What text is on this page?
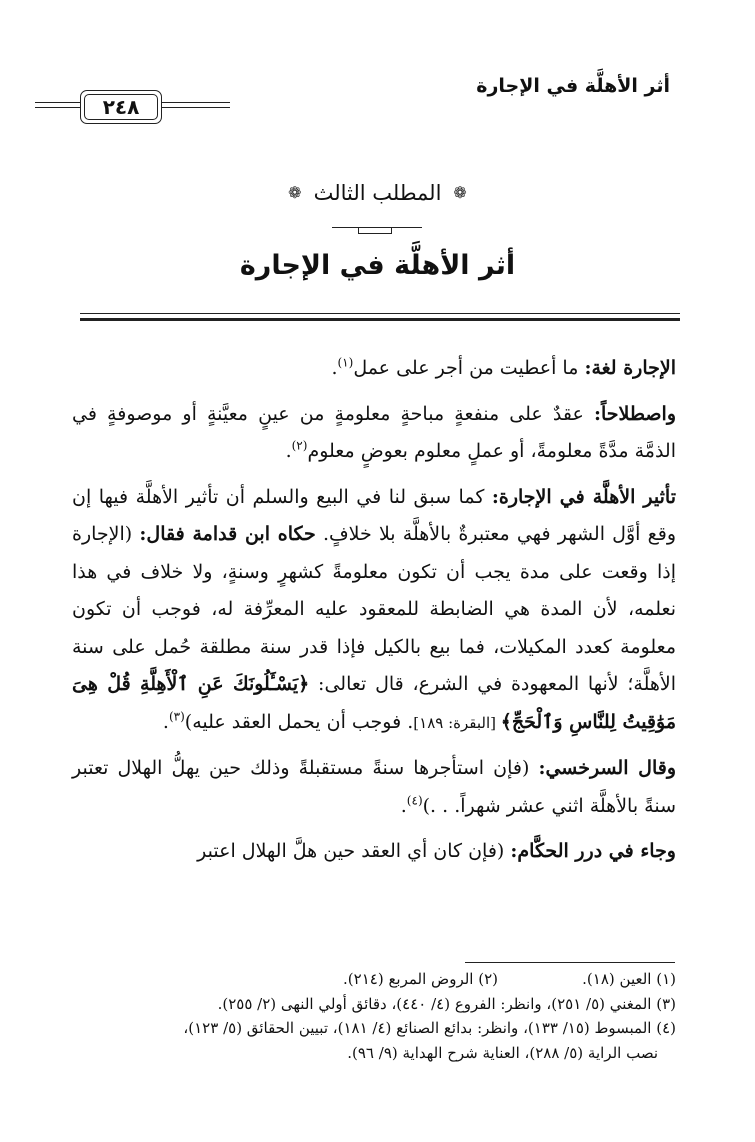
أثر الأهلَّة في الإجارة
٢٤٨
❁المطلب الثالث❁
أثر الأهلَّة في الإجارة

الإجارة لغة: ما أعطيت من أجر على عمل$^{(١)}$.

واصطلاحاً: عقدٌ على منفعةٍ مباحةٍ معلومةٍ من عينٍ معيَّنةٍ أو موصوفةٍ في الذمَّة مدَّةً معلومةً، أو عملٍ معلوم بعوضٍ معلوم$^{(٢)}$.

تأثير الأهلَّة في الإجارة: كما سبق لنا في البيع والسلم أن تأثير الأهلَّة فيها إن وقع أوَّل الشهر فهي معتبرةٌ بالأهلَّة بلا خلافٍ. حكاه ابن قدامة فقال: (الإجارة إذا وقعت على مدة يجب أن تكون معلومةً كشهرٍ وسنةٍ، ولا خلاف في هذا نعلمه، لأن المدة هي الضابطة للمعقود عليه المعرِّفة له، فوجب أن تكون معلومة كعدد المكيلات، فما بيع بالكيل فإذا قدر سنة مطلقة حُمل على سنة الأهلَّة؛ لأنها المعهودة في الشرع، قال تعالى: ﴿يَسْـَٔلُونَكَ عَنِ ٱلْأَهِلَّةِ قُلْ هِىَ مَوَٰقِيتُ لِلنَّاسِ وَٱلْحَجِّ﴾ [البقرة: ١٨٩]. فوجب أن يحمل العقد عليه)$^{(٣)}$.

وقال السرخسي: (فإن استأجرها سنةً مستقبلةً وذلك حين يهلُّ الهلال تعتبر سنةً بالأهلَّة اثني عشر شهراً. . .)$^{(٤)}$.

وجاء في درر الحكَّام: (فإن كان أي العقد حين هلَّ الهلال اعتبر

(١) العين (١٨).(٢) الروض المربع (٢١٤).
(٣) المغني (٥/ ٢٥١)، وانظر: الفروع (٤/ ٤٤٠)، دقائق أولي النهى (٢/ ٢٥٥).
(٤) المبسوط (١٥/ ١٣٣)، وانظر: بدائع الصنائع (٤/ ١٨١)، تبيين الحقائق (٥/ ١٢٣)،
نصب الراية (٥/ ٢٨٨)، العناية شرح الهداية (٩/ ٩٦).
